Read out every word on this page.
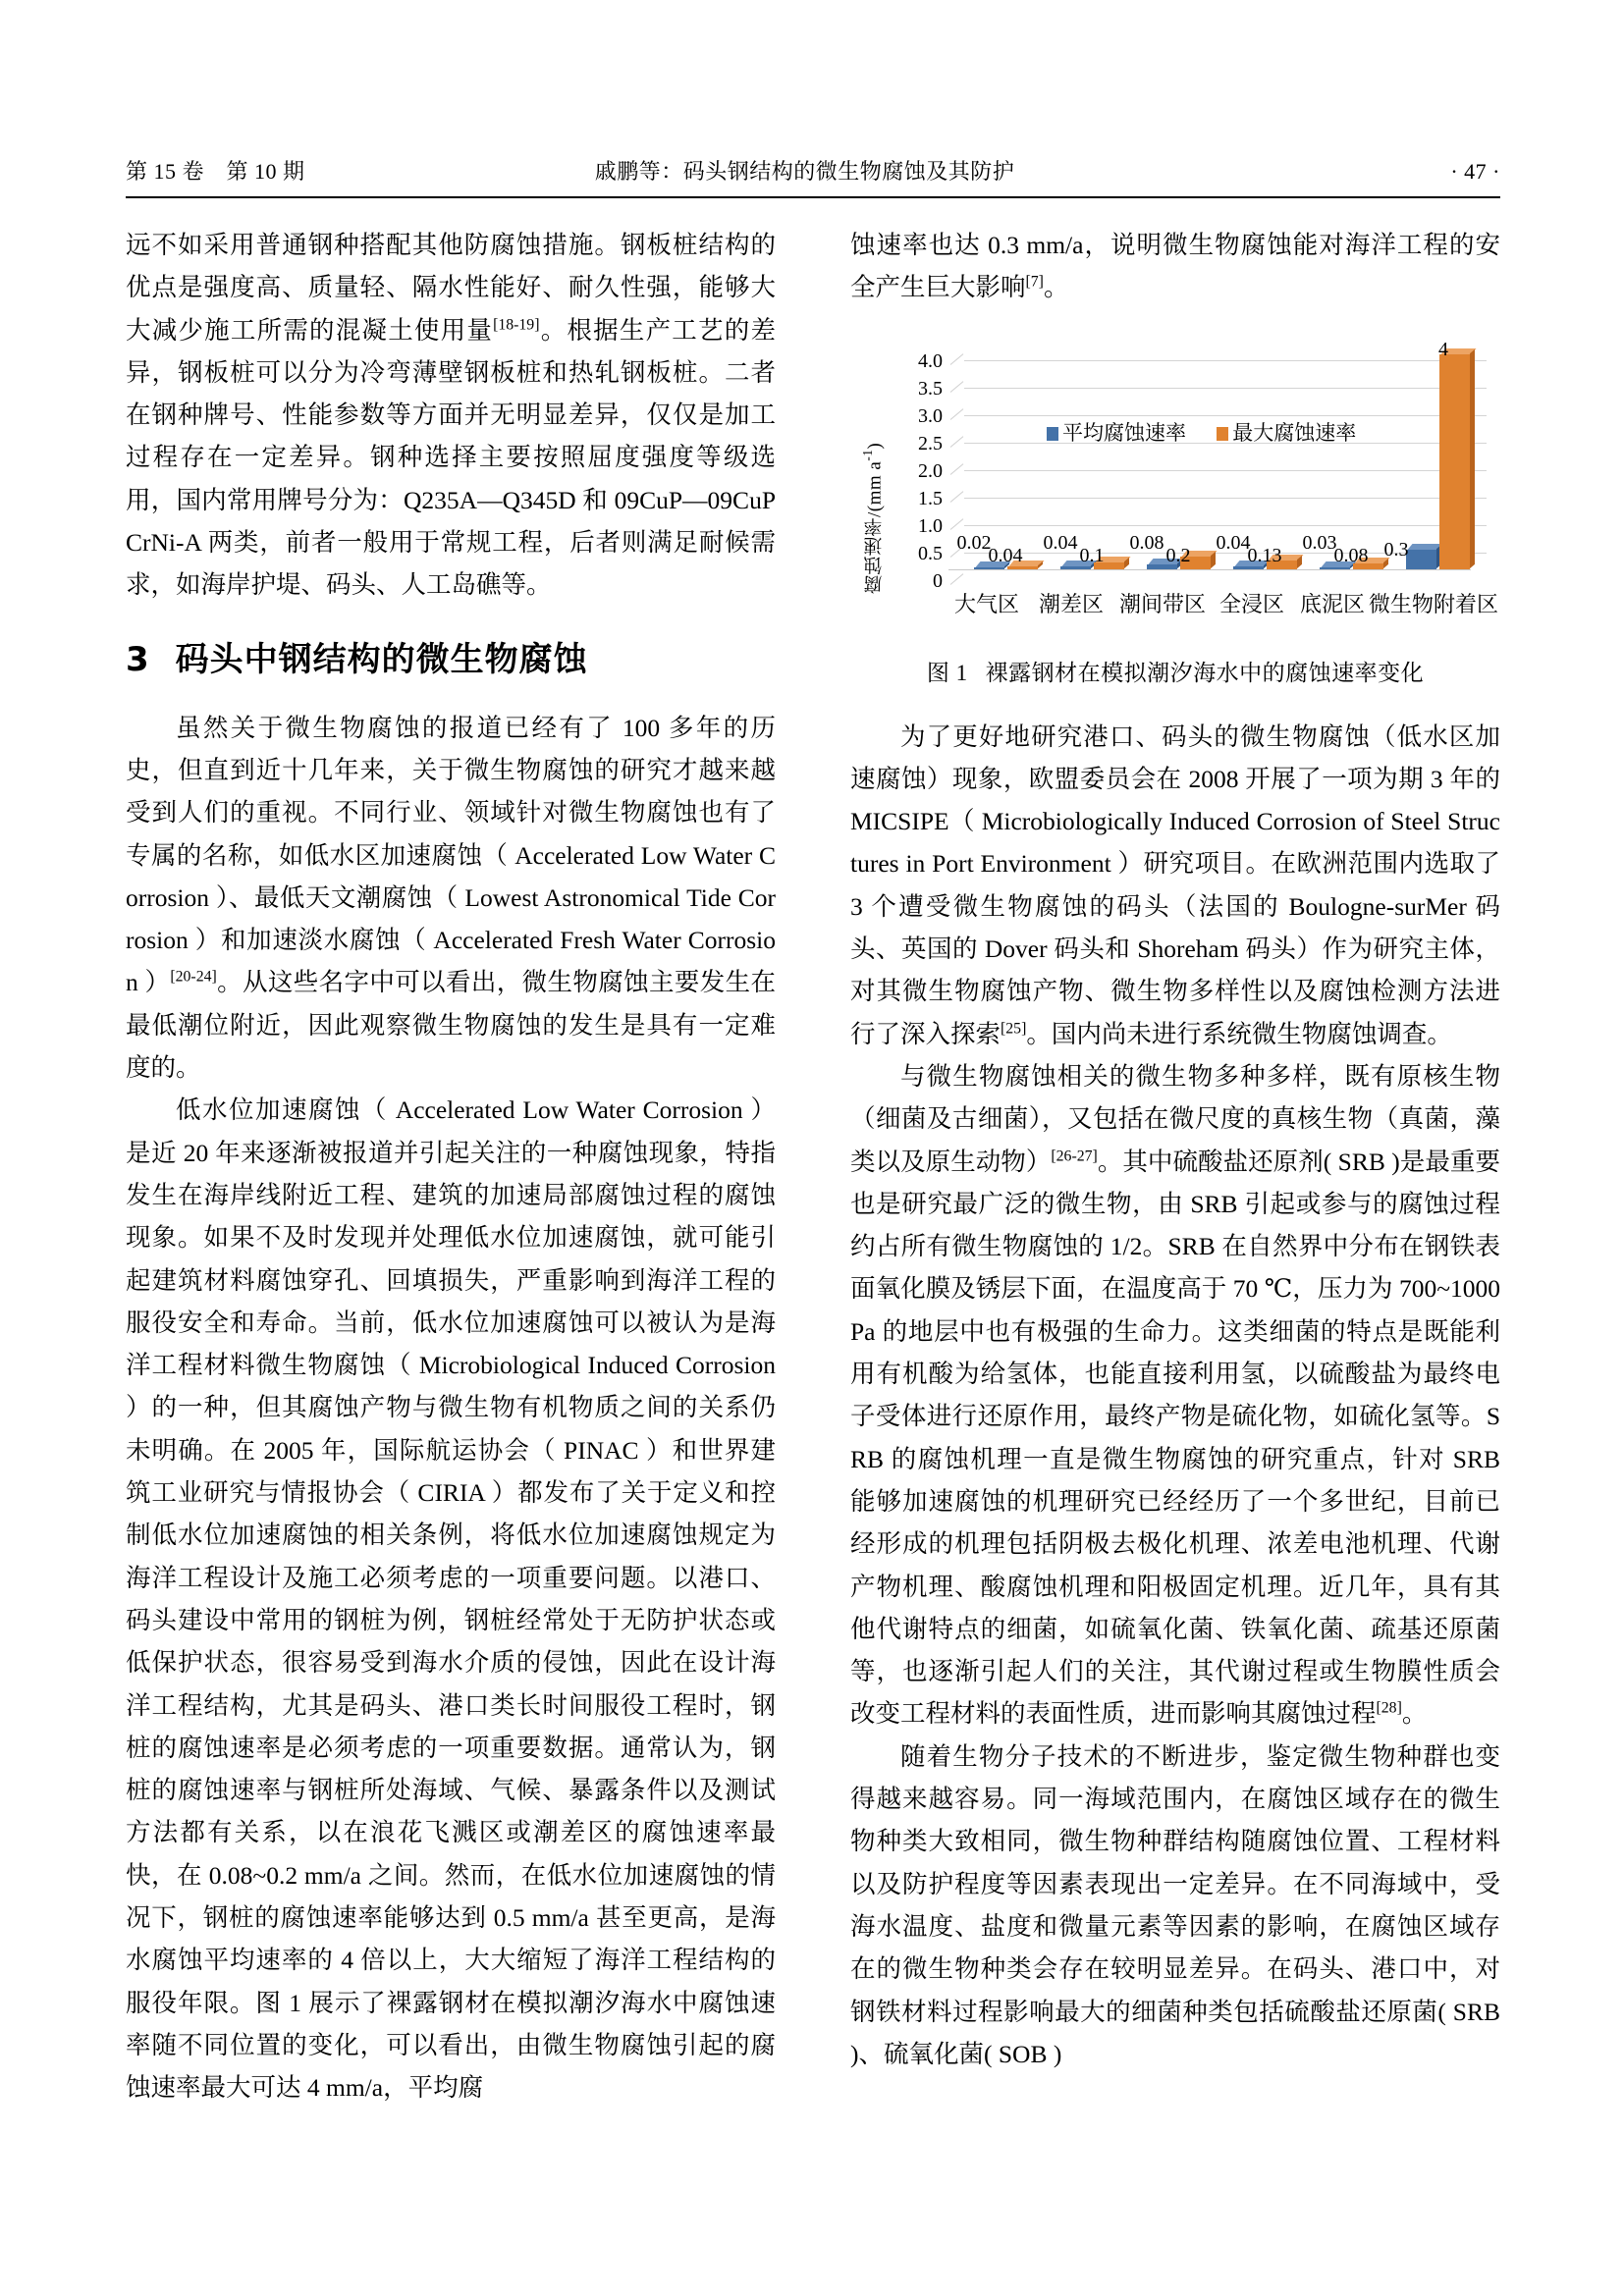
第 15 卷　第 10 期	戚鹏等：码头钢结构的微生物腐蚀及其防护	· 47 ·

远不如采用普通钢种搭配其他防腐蚀措施。钢板桩结构的优点是强度高、质量轻、隔水性能好、耐久性强，能够大大减少施工所需的混凝土使用量[18-19]。根据生产工艺的差异，钢板桩可以分为冷弯薄壁钢板桩和热轧钢板桩。二者在钢种牌号、性能参数等方面并无明显差异，仅仅是加工过程存在一定差异。钢种选择主要按照屈度强度等级选用，国内常用牌号分为：Q235A—Q345D 和 09CuP—09CuPCrNi-A 两类，前者一般用于常规工程，后者则满足耐候需求，如海岸护堤、码头、人工岛礁等。

3 码头中钢结构的微生物腐蚀

虽然关于微生物腐蚀的报道已经有了 100 多年的历史，但直到近十几年来，关于微生物腐蚀的研究才越来越受到人们的重视。不同行业、领域针对微生物腐蚀也有了专属的名称，如低水区加速腐蚀（ Accelerated Low Water Corrosion ）、最低天文潮腐蚀（ Lowest Astronomical Tide Corrosion ）和加速淡水腐蚀（ Accelerated Fresh Water Corrosion ）[20-24]。从这些名字中可以看出，微生物腐蚀主要发生在最低潮位附近，因此观察微生物腐蚀的发生是具有一定难度的。

低水位加速腐蚀（ Accelerated Low Water Corrosion ）是近 20 年来逐渐被报道并引起关注的一种腐蚀现象，特指发生在海岸线附近工程、建筑的加速局部腐蚀过程的腐蚀现象。如果不及时发现并处理低水位加速腐蚀，就可能引起建筑材料腐蚀穿孔、回填损失，严重影响到海洋工程的服役安全和寿命。当前，低水位加速腐蚀可以被认为是海洋工程材料微生物腐蚀（ Microbiological Induced Corrosion ）的一种，但其腐蚀产物与微生物有机物质之间的关系仍未明确。在 2005 年，国际航运协会（ PINAC ）和世界建筑工业研究与情报协会（ CIRIA ）都发布了关于定义和控制低水位加速腐蚀的相关条例，将低水位加速腐蚀规定为海洋工程设计及施工必须考虑的一项重要问题。以港口、码头建设中常用的钢桩为例，钢桩经常处于无防护状态或低保护状态，很容易受到海水介质的侵蚀，因此在设计海洋工程结构，尤其是码头、港口类长时间服役工程时，钢桩的腐蚀速率是必须考虑的一项重要数据。通常认为，钢桩的腐蚀速率与钢桩所处海域、气候、暴露条件以及测试方法都有关系，以在浪花飞溅区或潮差区的腐蚀速率最快，在 0.08~0.2 mm/a 之间。然而，在低水位加速腐蚀的情况下，钢桩的腐蚀速率能够达到 0.5 mm/a 甚至更高，是海水腐蚀平均速率的 4 倍以上，大大缩短了海洋工程结构的服役年限。图 1 展示了裸露钢材在模拟潮汐海水中腐蚀速率随不同位置的变化，可以看出，由微生物腐蚀引起的腐蚀速率最大可达 4 mm/a，平均腐

蚀速率也达 0.3 mm/a，说明微生物腐蚀能对海洋工程的安全产生巨大影响[7]。

腐蚀速率/(mm $a^{-1}$)
0
0.5
1.0
1.5
2.0
2.5
3.0
3.5
4.0
0.02	0.04	0.08	0.04	0.03	0.3
0.04	0.1	0.2	0.13	0.08
4
平均腐蚀速率 最大腐蚀速率
大气区 潮差区 潮间带区 全浸区 底泥区 微生物附着区

图 1 裸露钢材在模拟潮汐海水中的腐蚀速率变化

为了更好地研究港口、码头的微生物腐蚀（低水区加速腐蚀）现象，欧盟委员会在 2008 开展了一项为期 3 年的 MICSIPE（ Microbiologically Induced Corrosion of Steel Structures in Port Environment ）研究项目。在欧洲范围内选取了 3 个遭受微生物腐蚀的码头（法国的 Boulogne-surMer 码头、英国的 Dover 码头和 Shoreham 码头）作为研究主体，对其微生物腐蚀产物、微生物多样性以及腐蚀检测方法进行了深入探索[25]。国内尚未进行系统微生物腐蚀调查。

与微生物腐蚀相关的微生物多种多样，既有原核生物（细菌及古细菌），又包括在微尺度的真核生物（真菌，藻类以及原生动物）[26-27]。其中硫酸盐还原剂( SRB )是最重要也是研究最广泛的微生物，由 SRB 引起或参与的腐蚀过程约占所有微生物腐蚀的 1/2。SRB 在自然界中分布在钢铁表面氧化膜及锈层下面，在温度高于 70 ℃，压力为 700~1000 Pa 的地层中也有极强的生命力。这类细菌的特点是既能利用有机酸为给氢体，也能直接利用氢，以硫酸盐为最终电子受体进行还原作用，最终产物是硫化物，如硫化氢等。SRB 的腐蚀机理一直是微生物腐蚀的研究重点，针对 SRB 能够加速腐蚀的机理研究已经经历了一个多世纪，目前已经形成的机理包括阴极去极化机理、浓差电池机理、代谢产物机理、酸腐蚀机理和阳极固定机理。近几年，具有其他代谢特点的细菌，如硫氧化菌、铁氧化菌、疏基还原菌等，也逐渐引起人们的关注，其代谢过程或生物膜性质会改变工程材料的表面性质，进而影响其腐蚀过程[28]。

随着生物分子技术的不断进步，鉴定微生物种群也变得越来越容易。同一海域范围内，在腐蚀区域存在的微生物种类大致相同，微生物种群结构随腐蚀位置、工程材料以及防护程度等因素表现出一定差异。在不同海域中，受海水温度、盐度和微量元素等因素的影响，在腐蚀区域存在的微生物种类会存在较明显差异。在码头、港口中，对钢铁材料过程影响最大的细菌种类包括硫酸盐还原菌( SRB )、硫氧化菌( SOB )
